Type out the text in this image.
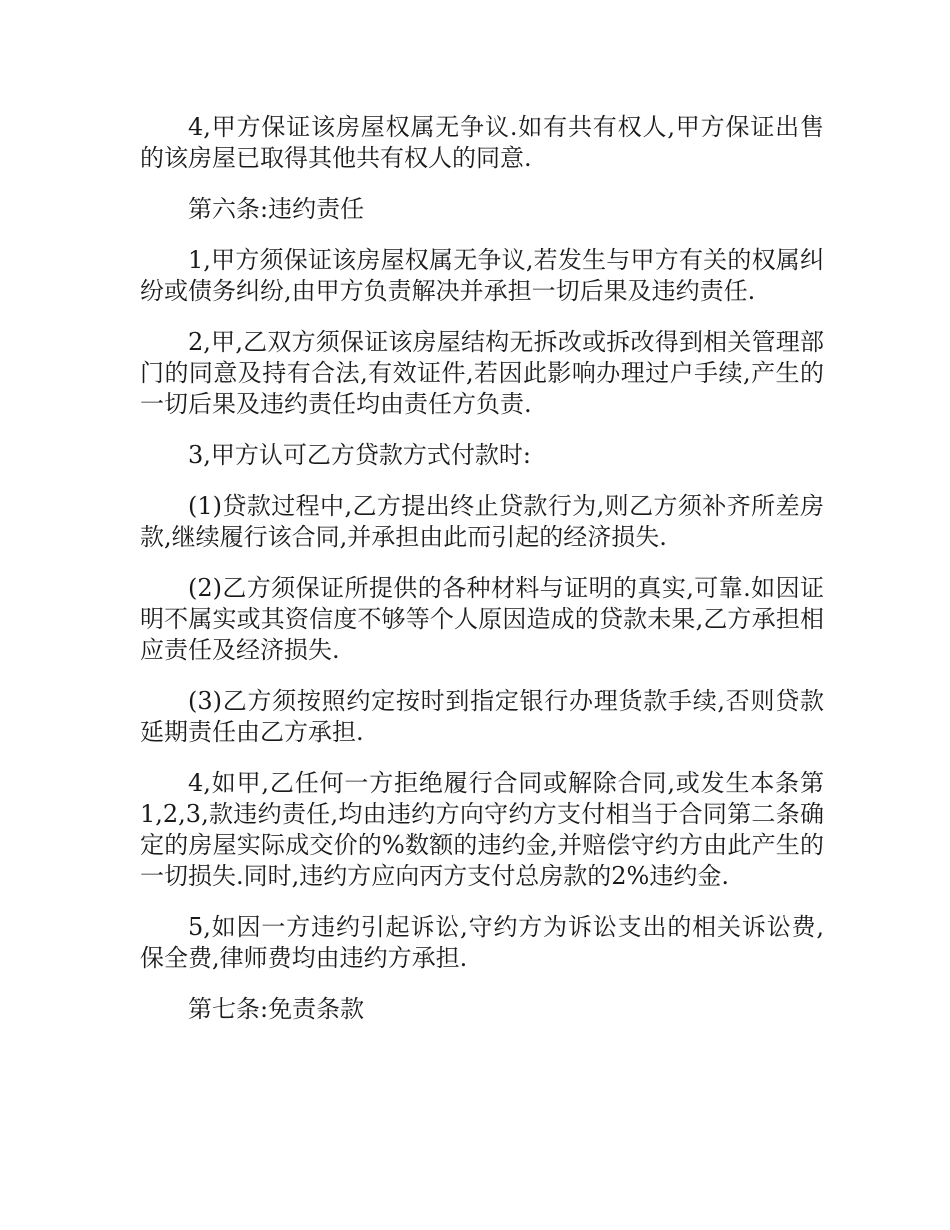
4,甲方保证该房屋权属无争议.如有共有权人,甲方保证出售的该房屋已取得其他共有权人的同意.

第六条:违约责任

1,甲方须保证该房屋权属无争议,若发生与甲方有关的权属纠纷或债务纠纷,由甲方负责解决并承担一切后果及违约责任.

2,甲,乙双方须保证该房屋结构无拆改或拆改得到相关管理部门的同意及持有合法,有效证件,若因此影响办理过户手续,产生的一切后果及违约责任均由责任方负责.

3,甲方认可乙方贷款方式付款时:

(1)贷款过程中,乙方提出终止贷款行为,则乙方须补齐所差房款,继续履行该合同,并承担由此而引起的经济损失.

(2)乙方须保证所提供的各种材料与证明的真实,可靠.如因证明不属实或其资信度不够等个人原因造成的贷款未果,乙方承担相应责任及经济损失.

(3)乙方须按照约定按时到指定银行办理货款手续,否则贷款延期责任由乙方承担.

4,如甲,乙任何一方拒绝履行合同或解除合同,或发生本条第1,2,3,款违约责任,均由违约方向守约方支付相当于合同第二条确定的房屋实际成交价的%数额的违约金,并赔偿守约方由此产生的一切损失.同时,违约方应向丙方支付总房款的2%违约金.

5,如因一方违约引起诉讼,守约方为诉讼支出的相关诉讼费,保全费,律师费均由违约方承担.

第七条:免责条款
